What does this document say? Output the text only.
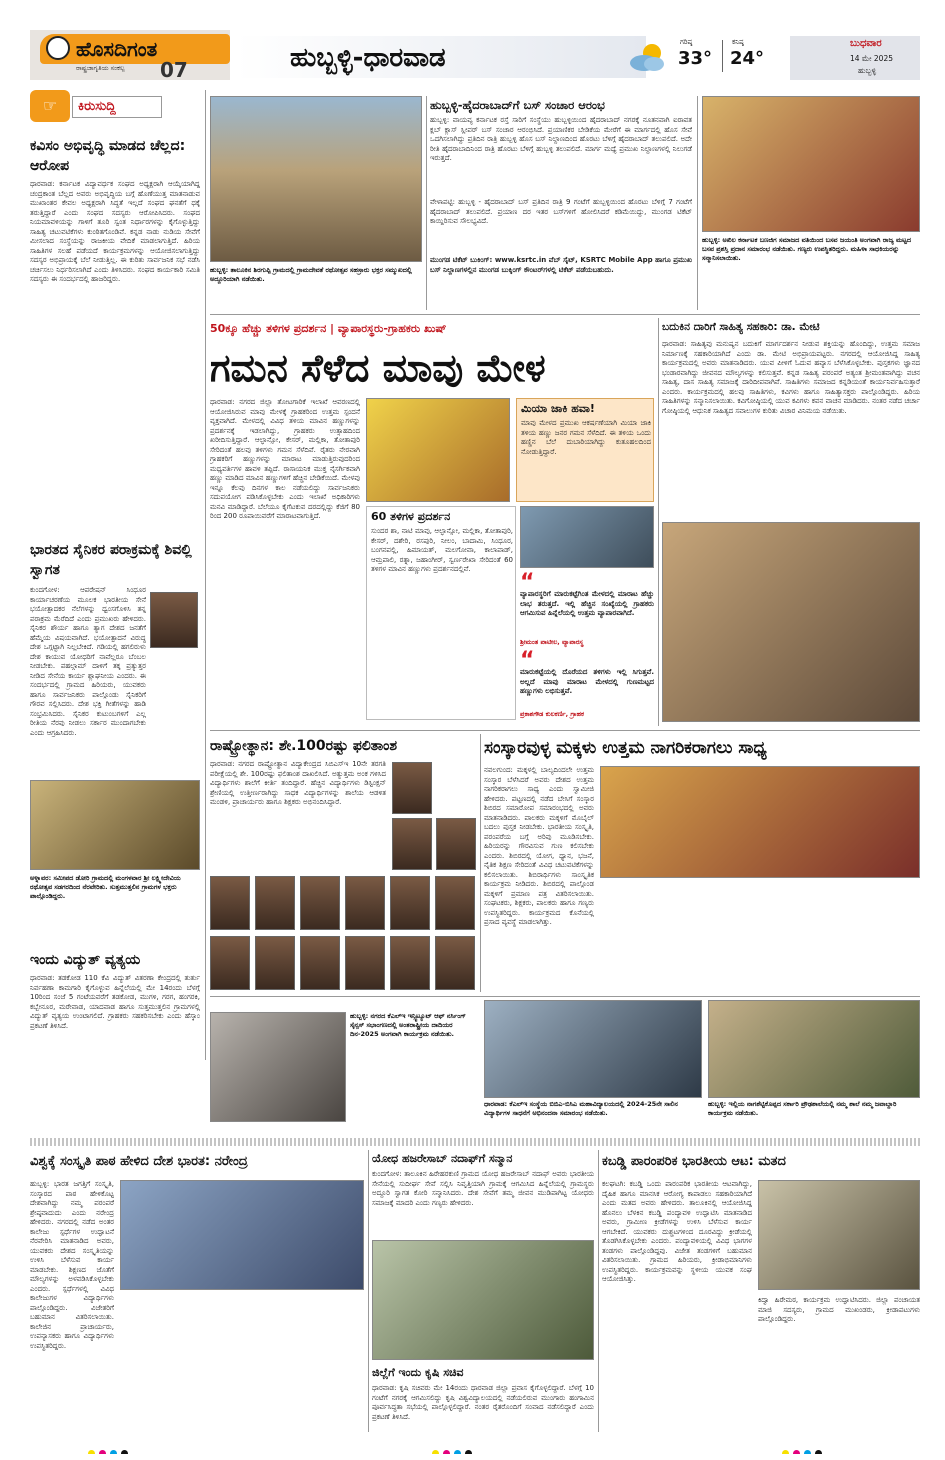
ಹೊಸದಿಗಂತ
ರಾಷ್ಟ್ರಜಾಗೃತಿಯ ಸಂಕಲ್ಪ	07	ಹುಬ್ಬಳ್ಳಿ-ಧಾರವಾಡ
ಗರಿಷ್ಠ
33°
ಕನಿಷ್ಠ
24°
ಬುಧವಾರ
14 ಮೇ 2025
ಹುಬ್ಬಳ್ಳಿ
☞ ಕಿರುಸುದ್ದಿ
ಕವಿಸಂ ಅಭಿವೃದ್ಧಿ ಮಾಡದ ಚೆಲ್ಲದ: ಆರೋಪ
ಧಾರವಾಡ: ಕರ್ನಾಟಕ ವಿದ್ಯಾವರ್ಧಕ ಸಂಘದ ಅಧ್ಯಕ್ಷರಾಗಿ ಆಯ್ಕೆಯಾಗಿದ್ದ ಚಂದ್ರಕಾಂತ ಬೆಲ್ಲದ ಅವರು ಅಭಿವೃದ್ಧಿಯ ಬಗ್ಗೆ ಹೊಣೆಯುತ್ತ ಮಾತನಾಡುವ ಮುಖಾಂತರ ಕೇವಲ ಅಧ್ಯಕ್ಷರಾಗಿ ಸಿದ್ಧತೆ ಇಲ್ಲದೆ ಸಂಘದ ಘನತೆಗೆ ಧಕ್ಕೆ ತರುತ್ತಿದ್ದಾರೆ ಎಂದು ಸಂಘದ ಸದಸ್ಯರು ಆರೋಪಿಸಿದರು. ಸಂಘದ ನಿಯಮಾವಳಿಯನ್ನು ಗಾಳಿಗೆ ತೂರಿ ಸ್ವಂತ ನಿರ್ಧಾರಗಳನ್ನು ಕೈಗೊಳ್ಳುತ್ತಿದ್ದು ಸಾಹಿತ್ಯ ಚಟುವಟಿಕೆಗಳು ಕುಂಠಿತಗೊಂಡಿವೆ. ಕನ್ನಡ ನಾಡು ನುಡಿಯ ಸೇವೆಗೆ ಮೀಸಲಾದ ಸಂಸ್ಥೆಯನ್ನು ರಾಜಕೀಯ ವೇದಿಕೆ ಮಾಡಲಾಗುತ್ತಿದೆ. ಹಿರಿಯ ಸಾಹಿತಿಗಳ ಸಲಹೆ ಪಡೆಯದೆ ಕಾರ್ಯಕ್ರಮಗಳನ್ನು ಆಯೋಜಿಸಲಾಗುತ್ತಿದ್ದು ಸದಸ್ಯರ ಅಭಿಪ್ರಾಯಕ್ಕೆ ಬೆಲೆ ನೀಡುತ್ತಿಲ್ಲ. ಈ ಕುರಿತು ಸಾರ್ವಜನಿಕ ಸಭೆ ನಡೆಸಿ ಚರ್ಚಿಸಲು ನಿರ್ಧರಿಸಲಾಗಿದೆ ಎಂದು ತಿಳಿಸಿದರು. ಸಂಘದ ಕಾರ್ಯಕಾರಿ ಸಮಿತಿ ಸದಸ್ಯರು ಈ ಸಂದರ್ಭದಲ್ಲಿ ಹಾಜರಿದ್ದರು.
ಭಾರತದ ಸೈನಿಕರ ಪರಾಕ್ರಮಕ್ಕೆ ಶಿವಲ್ಲಿ ಸ್ವಾಗತ
ಕುಂದಗೋಳ: ಆಪರೇಷನ್ ಸಿಂಧೂರ ಕಾರ್ಯಾಚರಣೆಯ ಮೂಲಕ ಭಾರತೀಯ ಸೇನೆ ಭಯೋತ್ಪಾದಕರ ನೆಲೆಗಳನ್ನು ಧ್ವಂಸಗೊಳಿಸಿ ತನ್ನ ಪರಾಕ್ರಮ ಮೆರೆದಿದೆ ಎಂದು ಪ್ರಮುಖರು ಹೇಳಿದರು. ಸೈನಿಕರ ಶೌರ್ಯ ಹಾಗೂ ತ್ಯಾಗ ದೇಶದ ಜನತೆಗೆ ಹೆಮ್ಮೆಯ ವಿಷಯವಾಗಿದೆ. ಭಯೋತ್ಪಾದನೆ ವಿರುದ್ಧ ದೇಶ ಒಗ್ಗಟ್ಟಾಗಿ ನಿಲ್ಲಬೇಕಿದೆ. ಗಡಿಯಲ್ಲಿ ಹಗಲಿರುಳು ದೇಶ ಕಾಯುವ ಯೋಧರಿಗೆ ನಾವೆಲ್ಲರೂ ಬೆಂಬಲ ನೀಡಬೇಕು. ಪಹಲ್ಗಾಮ್ ದಾಳಿಗೆ ತಕ್ಕ ಪ್ರತ್ಯುತ್ತರ ನೀಡಿದ ಸೇನೆಯ ಕಾರ್ಯ ಶ್ಲಾಘನೀಯ ಎಂದರು. ಈ ಸಂದರ್ಭದಲ್ಲಿ ಗ್ರಾಮದ ಹಿರಿಯರು, ಯುವಕರು ಹಾಗೂ ಸಾರ್ವಜನಿಕರು ಪಾಲ್ಗೊಂಡು ಸೈನಿಕರಿಗೆ ಗೌರವ ಸಲ್ಲಿಸಿದರು. ದೇಶ ಭಕ್ತಿ ಗೀತೆಗಳನ್ನು ಹಾಡಿ ಸಂಭ್ರಮಿಸಿದರು. ಸೈನಿಕರ ಕುಟುಂಬಗಳಿಗೆ ಎಲ್ಲ ರೀತಿಯ ನೆರವು ನೀಡಲು ಸರ್ಕಾರ ಮುಂದಾಗಬೇಕು ಎಂದು ಆಗ್ರಹಿಸಿದರು.
ಅಳ್ನಾವರ: ಸಮೀಪದ ಡೋರಿ ಗ್ರಾಮದಲ್ಲಿ ಮಂಗಳವಾರ ಶ್ರೀ ಲಕ್ಷ್ಮೀದೇವಿಯ ರಥೋತ್ಸವ ಸಡಗರದಿಂದ ನೆರವೇರಿತು. ಸುತ್ತಮುತ್ತಲಿನ ಗ್ರಾಮಗಳ ಭಕ್ತರು ಪಾಲ್ಗೊಂಡಿದ್ದರು.
ಇಂದು ವಿದ್ಯುತ್ ವ್ಯತ್ಯಯ
ಧಾರವಾಡ: ತಡಕೋಡ 110 ಕೆವಿ ವಿದ್ಯುತ್ ವಿತರಣಾ ಕೇಂದ್ರದಲ್ಲಿ ತುರ್ತು ನಿರ್ವಹಣಾ ಕಾಮಗಾರಿ ಕೈಗೊಳ್ಳುವ ಹಿನ್ನೆಲೆಯಲ್ಲಿ ಮೇ 14ರಂದು ಬೆಳಗ್ಗೆ 10ರಿಂದ ಸಂಜೆ 5 ಗಂಟೆಯವರೆಗೆ ತಡಕೋಡ, ಮುಗಳಿ, ಗರಗ, ಹಂಗರಕಿ, ಕಬ್ಬೇನೂರ, ಮರೇವಾಡ, ಯಾದವಾಡ ಹಾಗೂ ಸುತ್ತಮುತ್ತಲಿನ ಗ್ರಾಮಗಳಲ್ಲಿ ವಿದ್ಯುತ್ ವ್ಯತ್ಯಯ ಉಂಟಾಗಲಿದೆ. ಗ್ರಾಹಕರು ಸಹಕರಿಸಬೇಕು ಎಂದು ಹೆಸ್ಕಾಂ ಪ್ರಕಟಣೆ ತಿಳಿಸಿದೆ.
ಹುಬ್ಬಳ್ಳಿ: ತಾಲೂಕಿನ ಶಿರಗುಪ್ಪಿ ಗ್ರಾಮದಲ್ಲಿ ಗ್ರಾಮದೇವತೆ ರಥೋತ್ಸವ ಸಹಸ್ರಾರು ಭಕ್ತರ ಸಮ್ಮುಖದಲ್ಲಿ ಅದ್ದೂರಿಯಾಗಿ ನಡೆಯಿತು.
ಹುಬ್ಬಳ್ಳಿ-ಹೈದರಾಬಾದ್‌ಗೆ ಬಸ್ ಸಂಚಾರ ಆರಂಭ
ಹುಬ್ಬಳ್ಳಿ: ವಾಯವ್ಯ ಕರ್ನಾಟಕ ರಸ್ತೆ ಸಾರಿಗೆ ಸಂಸ್ಥೆಯು ಹುಬ್ಬಳ್ಳಿಯಿಂದ ಹೈದರಾಬಾದ್ ನಗರಕ್ಕೆ ನೂತನವಾಗಿ ಐರಾವತ ಕ್ಲಬ್ ಕ್ಲಾಸ್ ಸ್ಲೀಪರ್ ಬಸ್ ಸಂಚಾರ ಆರಂಭಿಸಿದೆ. ಪ್ರಯಾಣಿಕರ ಬೇಡಿಕೆಯ ಮೇರೆಗೆ ಈ ಮಾರ್ಗದಲ್ಲಿ ಹೊಸ ಸೇವೆ ಒದಗಿಸಲಾಗಿದ್ದು ಪ್ರತಿದಿನ ರಾತ್ರಿ ಹುಬ್ಬಳ್ಳಿ ಹೊಸ ಬಸ್ ನಿಲ್ದಾಣದಿಂದ ಹೊರಟು ಬೆಳಿಗ್ಗೆ ಹೈದರಾಬಾದ್ ತಲುಪಲಿದೆ. ಅದೇ ರೀತಿ ಹೈದರಾಬಾದಿನಿಂದ ರಾತ್ರಿ ಹೊರಟು ಬೆಳಿಗ್ಗೆ ಹುಬ್ಬಳ್ಳಿ ತಲುಪಲಿದೆ. ಮಾರ್ಗ ಮಧ್ಯೆ ಪ್ರಮುಖ ನಿಲ್ದಾಣಗಳಲ್ಲಿ ನಿಲುಗಡೆ ಇರುತ್ತದೆ.
ವೇಳಾಪಟ್ಟಿ: ಹುಬ್ಬಳ್ಳಿ - ಹೈದರಾಬಾದ್ ಬಸ್ ಪ್ರತಿದಿನ ರಾತ್ರಿ 9 ಗಂಟೆಗೆ ಹುಬ್ಬಳ್ಳಿಯಿಂದ ಹೊರಟು ಬೆಳಿಗ್ಗೆ 7 ಗಂಟೆಗೆ ಹೈದರಾಬಾದ್ ತಲುಪಲಿದೆ. ಪ್ರಯಾಣ ದರ ಇತರ ಬಸ್‌ಗಳಿಗೆ ಹೋಲಿಸಿದರೆ ಕಡಿಮೆಯಿದ್ದು, ಮುಂಗಡ ಟಿಕೆಟ್ ಕಾಯ್ದಿರಿಸುವ ಸೌಲಭ್ಯವಿದೆ.
ಮುಂಗಡ ಟಿಕೆಟ್ ಬುಕಿಂಗ್: www.ksrtc.in ವೆಬ್ ಸೈಟ್, KSRTC Mobile App ಹಾಗೂ ಪ್ರಮುಖ ಬಸ್ ನಿಲ್ದಾಣಗಳಲ್ಲಿನ ಮುಂಗಡ ಬುಕ್ಕಿಂಗ್ ಕೌಂಟರ್‌ಗಳಲ್ಲಿ ಟಿಕೆಟ್ ಪಡೆಯಬಹುದು.
ಹುಬ್ಬಳ್ಳಿ: ಅಖಿಲ ಕರ್ನಾಟಕ ಬಣಜಿಗ ಸಮಾಜದ ವತಿಯಿಂದ ಬಸವ ಜಯಂತಿ ಅಂಗವಾಗಿ ರಾಜ್ಯ ಮಟ್ಟದ ಬಸವ ಪ್ರಶಸ್ತಿ ಪ್ರದಾನ ಸಮಾರಂಭ ನಡೆಯಿತು. ಗಣ್ಯರು ಉಪಸ್ಥಿತರಿದ್ದರು. ಮಹಿಳಾ ಸಾಧಕಿಯರನ್ನು ಸನ್ಮಾನಿಸಲಾಯಿತು.
50ಕ್ಕೂ ಹೆಚ್ಚು ತಳಿಗಳ ಪ್ರದರ್ಶನ | ವ್ಯಾಪಾರಸ್ಥರು-ಗ್ರಾಹಕರು ಖುಷ್
ಗಮನ ಸೆಳೆದ ಮಾವು ಮೇಳ
ಧಾರವಾಡ: ನಗರದ ಜಿಲ್ಲಾ ತೋಟಗಾರಿಕೆ ಇಲಾಖೆ ಆವರಣದಲ್ಲಿ ಆಯೋಜಿಸಿರುವ ಮಾವು ಮೇಳಕ್ಕೆ ಗ್ರಾಹಕರಿಂದ ಉತ್ತಮ ಸ್ಪಂದನೆ ವ್ಯಕ್ತವಾಗಿದೆ. ಮೇಳದಲ್ಲಿ ವಿವಿಧ ತಳಿಯ ಮಾವಿನ ಹಣ್ಣುಗಳನ್ನು ಪ್ರದರ್ಶನಕ್ಕೆ ಇಡಲಾಗಿದ್ದು, ಗ್ರಾಹಕರು ಉತ್ಸಾಹದಿಂದ ಖರೀದಿಸುತ್ತಿದ್ದಾರೆ. ಆಲ್ಫಾನ್ಸೋ, ಕೇಸರ್, ಮಲ್ಲಿಕಾ, ತೋತಾಪುರಿ ಸೇರಿದಂತೆ ಹಲವು ತಳಿಗಳು ಗಮನ ಸೆಳೆದಿವೆ. ರೈತರು ನೇರವಾಗಿ ಗ್ರಾಹಕರಿಗೆ ಹಣ್ಣುಗಳನ್ನು ಮಾರಾಟ ಮಾಡುತ್ತಿರುವುದರಿಂದ ಮಧ್ಯವರ್ತಿಗಳ ಹಾವಳಿ ತಪ್ಪಿದೆ. ರಾಸಾಯನಿಕ ಮುಕ್ತ ನೈಸರ್ಗಿಕವಾಗಿ ಹಣ್ಣು ಮಾಡಿದ ಮಾವಿನ ಹಣ್ಣುಗಳಿಗೆ ಹೆಚ್ಚಿನ ಬೇಡಿಕೆಯಿದೆ. ಮೇಳವು ಇನ್ನೂ ಕೆಲವು ದಿನಗಳ ಕಾಲ ನಡೆಯಲಿದ್ದು ಸಾರ್ವಜನಿಕರು ಸದುಪಯೋಗ ಪಡಿಸಿಕೊಳ್ಳಬೇಕು ಎಂದು ಇಲಾಖೆ ಅಧಿಕಾರಿಗಳು ಮನವಿ ಮಾಡಿದ್ದಾರೆ. ಬೆಲೆಯೂ ಕೈಗೆಟಕುವ ದರದಲ್ಲಿದ್ದು ಕೆಜಿಗೆ 80 ರಿಂದ 200 ರೂಪಾಯಿವರೆಗೆ ಮಾರಾಟವಾಗುತ್ತಿದೆ.
ಮಿಯಾ ಜಾಕಿ ಹವಾ!
ಮಾವು ಮೇಳದ ಪ್ರಮುಖ ಆಕರ್ಷಣೆಯಾಗಿ ಮಿಯಾ ಜಾಕಿ ತಳಿಯ ಹಣ್ಣು ಜನರ ಗಮನ ಸೆಳೆದಿದೆ. ಈ ತಳಿಯ ಒಂದು ಹಣ್ಣಿನ ಬೆಲೆ ದುಬಾರಿಯಾಗಿದ್ದು ಕುತೂಹಲದಿಂದ ನೋಡುತ್ತಿದ್ದಾರೆ.
60 ತಳಿಗಳ ಪ್ರದರ್ಶನ
ಸುಂದರ ಶಾ, ನಾಟಿ ಮಾವು, ಆಲ್ಫಾನ್ಸೋ, ಮಲ್ಲಿಕಾ, ತೋತಾಪುರಿ, ಕೇಸರ್, ದಶೇರಿ, ರಸಪುರಿ, ನೀಲಂ, ಬಾದಾಮಿ, ಸಿಂಧೂರ, ಬಂಗನಪಲ್ಲಿ, ಹಿಮಾಯತ್, ಮಲಗೋವಾ, ಕಾಲಾಪಾಡ್, ಆಮ್ರಪಾಲಿ, ರತ್ನಾ, ಜಹಾಂಗೀರ್, ಸ್ವರ್ಣರೇಖಾ ಸೇರಿದಂತೆ 60 ತಳಿಗಳ ಮಾವಿನ ಹಣ್ಣುಗಳು ಪ್ರದರ್ಶನದಲ್ಲಿವೆ.
“
ವ್ಯಾಪಾರಸ್ಥರಿಗೆ ಮಾರುಕಟ್ಟೆಗಿಂತ ಮೇಳದಲ್ಲಿ ಮಾರಾಟ ಹೆಚ್ಚು ಲಾಭ ತರುತ್ತದೆ. ಇಲ್ಲಿ ಹೆಚ್ಚಿನ ಸಂಖ್ಯೆಯಲ್ಲಿ ಗ್ರಾಹಕರು ಆಗಮಿಸುವ ಹಿನ್ನೆಲೆಯಲ್ಲಿ ಉತ್ತಮ ವ್ಯಾಪಾರವಾಗಿದೆ.
ಶ್ರೀಮಂತ ಪಾಟೀಲ, ವ್ಯಾಪಾರಸ್ಥ
“
ಮಾರುಕಟ್ಟೆಯಲ್ಲಿ ದೊರೆಯದ ತಳಿಗಳು ಇಲ್ಲಿ ಸಿಗುತ್ತವೆ. ಅಲ್ಲದೆ ಮಾವು ಮಾರಾಟ ಮೇಳದಲ್ಲಿ ಗುಣಮಟ್ಟದ ಹಣ್ಣುಗಳು ಲಭಿಸುತ್ತವೆ.
ಪ್ರಕಾಶಗೌಡ ಕುಲಕರ್ಣಿ, ಗ್ರಾಹಕ
ಬದುಕಿನ ದಾರಿಗೆ ಸಾಹಿತ್ಯ ಸಹಕಾರಿ: ಡಾ. ಮೇಟಿ
ಧಾರವಾಡ: ಸಾಹಿತ್ಯವು ಮನುಷ್ಯನ ಬದುಕಿಗೆ ಮಾರ್ಗದರ್ಶನ ನೀಡುವ ಶಕ್ತಿಯನ್ನು ಹೊಂದಿದ್ದು, ಉತ್ತಮ ಸಮಾಜ ನಿರ್ಮಾಣಕ್ಕೆ ಸಹಕಾರಿಯಾಗಿದೆ ಎಂದು ಡಾ. ಮೇಟಿ ಅಭಿಪ್ರಾಯಪಟ್ಟರು. ನಗರದಲ್ಲಿ ಆಯೋಜಿಸಿದ್ದ ಸಾಹಿತ್ಯ ಕಾರ್ಯಕ್ರಮದಲ್ಲಿ ಅವರು ಮಾತನಾಡಿದರು. ಯುವ ಪೀಳಿಗೆ ಓದುವ ಹವ್ಯಾಸ ಬೆಳೆಸಿಕೊಳ್ಳಬೇಕು. ಪುಸ್ತಕಗಳು ಜ್ಞಾನದ ಭಂಡಾರವಾಗಿದ್ದು ಜೀವನದ ಮೌಲ್ಯಗಳನ್ನು ಕಲಿಸುತ್ತವೆ. ಕನ್ನಡ ಸಾಹಿತ್ಯ ಪರಂಪರೆ ಅತ್ಯಂತ ಶ್ರೀಮಂತವಾಗಿದ್ದು ವಚನ ಸಾಹಿತ್ಯ, ದಾಸ ಸಾಹಿತ್ಯ ಸಮಾಜಕ್ಕೆ ದಾರಿದೀಪವಾಗಿವೆ. ಸಾಹಿತಿಗಳು ಸಮಾಜದ ಕನ್ನಡಿಯಂತೆ ಕಾರ್ಯನಿರ್ವಹಿಸುತ್ತಾರೆ ಎಂದರು. ಕಾರ್ಯಕ್ರಮದಲ್ಲಿ ಹಲವು ಸಾಹಿತಿಗಳು, ಕವಿಗಳು ಹಾಗೂ ಸಾಹಿತ್ಯಾಸಕ್ತರು ಪಾಲ್ಗೊಂಡಿದ್ದರು. ಹಿರಿಯ ಸಾಹಿತಿಗಳನ್ನು ಸನ್ಮಾನಿಸಲಾಯಿತು. ಕವಿಗೋಷ್ಠಿಯಲ್ಲಿ ಯುವ ಕವಿಗಳು ಕವನ ವಾಚನ ಮಾಡಿದರು. ನಂತರ ನಡೆದ ಚರ್ಚಾ ಗೋಷ್ಠಿಯಲ್ಲಿ ಆಧುನಿಕ ಸಾಹಿತ್ಯದ ಸವಾಲುಗಳ ಕುರಿತು ವಿಚಾರ ವಿನಿಮಯ ನಡೆಯಿತು.
ರಾಷ್ಟ್ರೋತ್ಥಾನ: ಶೇ.100ರಷ್ಟು ಫಲಿತಾಂಶ
ಧಾರವಾಡ: ನಗರದ ರಾಷ್ಟ್ರೋತ್ಥಾನ ವಿದ್ಯಾಕೇಂದ್ರದ ಸಿಬಿಎಸ್‌ಇ 10ನೇ ತರಗತಿ ಪರೀಕ್ಷೆಯಲ್ಲಿ ಶೇ. 100ರಷ್ಟು ಫಲಿತಾಂಶ ದಾಖಲಿಸಿದೆ. ಅತ್ಯುತ್ತಮ ಅಂಕ ಗಳಿಸಿದ ವಿದ್ಯಾರ್ಥಿಗಳು ಶಾಲೆಗೆ ಕೀರ್ತಿ ತಂದಿದ್ದಾರೆ. ಹೆಚ್ಚಿನ ವಿದ್ಯಾರ್ಥಿಗಳು ಡಿಸ್ಟಿಂಕ್ಷನ್ ಶ್ರೇಣಿಯಲ್ಲಿ ಉತ್ತೀರ್ಣರಾಗಿದ್ದು ಸಾಧಕ ವಿದ್ಯಾರ್ಥಿಗಳನ್ನು ಶಾಲೆಯ ಆಡಳಿತ ಮಂಡಳಿ, ಪ್ರಾಚಾರ್ಯರು ಹಾಗೂ ಶಿಕ್ಷಕರು ಅಭಿನಂದಿಸಿದ್ದಾರೆ.
ಸಂಸ್ಕಾರವುಳ್ಳ ಮಕ್ಕಳು ಉತ್ತಮ ನಾಗರಿಕರಾಗಲು ಸಾಧ್ಯ
ನವಲಗುಂದ: ಮಕ್ಕಳಲ್ಲಿ ಬಾಲ್ಯದಿಂದಲೇ ಉತ್ತಮ ಸಂಸ್ಕಾರ ಬೆಳೆಸಿದರೆ ಅವರು ದೇಶದ ಉತ್ತಮ ನಾಗರಿಕರಾಗಲು ಸಾಧ್ಯ ಎಂದು ಸ್ವಾಮೀಜಿ ಹೇಳಿದರು. ಪಟ್ಟಣದಲ್ಲಿ ನಡೆದ ಬೇಸಿಗೆ ಸಂಸ್ಕಾರ ಶಿಬಿರದ ಸಮಾರೋಪ ಸಮಾರಂಭದಲ್ಲಿ ಅವರು ಮಾತನಾಡಿದರು. ಪಾಲಕರು ಮಕ್ಕಳಿಗೆ ಮೊಬೈಲ್ ಬದಲು ಪುಸ್ತಕ ನೀಡಬೇಕು. ಭಾರತೀಯ ಸಂಸ್ಕೃತಿ, ಪರಂಪರೆಯ ಬಗ್ಗೆ ಅರಿವು ಮೂಡಿಸಬೇಕು. ಹಿರಿಯರನ್ನು ಗೌರವಿಸುವ ಗುಣ ಕಲಿಸಬೇಕು ಎಂದರು. ಶಿಬಿರದಲ್ಲಿ ಯೋಗ, ಧ್ಯಾನ, ಭಜನೆ, ನೈತಿಕ ಶಿಕ್ಷಣ ಸೇರಿದಂತೆ ವಿವಿಧ ಚಟುವಟಿಕೆಗಳನ್ನು ಕಲಿಸಲಾಯಿತು. ಶಿಬಿರಾರ್ಥಿಗಳು ಸಾಂಸ್ಕೃತಿಕ ಕಾರ್ಯಕ್ರಮ ನೀಡಿದರು. ಶಿಬಿರದಲ್ಲಿ ಪಾಲ್ಗೊಂಡ ಮಕ್ಕಳಿಗೆ ಪ್ರಮಾಣ ಪತ್ರ ವಿತರಿಸಲಾಯಿತು. ಸಂಘಟಕರು, ಶಿಕ್ಷಕರು, ಪಾಲಕರು ಹಾಗೂ ಗಣ್ಯರು ಉಪಸ್ಥಿತರಿದ್ದರು. ಕಾರ್ಯಕ್ರಮದ ಕೊನೆಯಲ್ಲಿ ಪ್ರಸಾದ ವ್ಯವಸ್ಥೆ ಮಾಡಲಾಗಿತ್ತು.
ಹುಬ್ಬಳ್ಳಿ: ನಗರದ ಕೆಎಲ್‌ಇ ಇನ್ಸ್ಟಿಟ್ಯೂಟ್ ಆಫ್ ನರ್ಸಿಂಗ್ ಸೈನ್ಸಸ್ ಸಭಾಂಗಣದಲ್ಲಿ ಅಂತರಾಷ್ಟ್ರೀಯ ದಾದಿಯರ ದಿನ-2025 ಅಂಗವಾಗಿ ಕಾರ್ಯಕ್ರಮ ನಡೆಯಿತು.
ಧಾರವಾಡ: ಕೆಎಲ್‌ಇ ಸಂಸ್ಥೆಯ ಬಿಬಿಎ-ಬಿಸಿಎ ಮಹಾವಿದ್ಯಾಲಯದಲ್ಲಿ 2024-25ನೇ ಸಾಲಿನ ವಿದ್ಯಾರ್ಥಿಗಳ ಸಾಧನೆಗೆ ಅಭಿನಂದನಾ ಸಮಾರಂಭ ನಡೆಯಿತು.
ಹುಬ್ಬಳ್ಳಿ: ಇಲ್ಲಿಯ ನಾಗಶೆಟ್ಟಿಕೊಪ್ಪದ ಸರ್ಕಾರಿ ಪ್ರೌಢಶಾಲೆಯಲ್ಲಿ ನಮ್ಮ ಶಾಲೆ ನಮ್ಮ ಜವಾಬ್ದಾರಿ ಕಾರ್ಯಕ್ರಮ ನಡೆಯಿತು.
ವಿಶ್ವಕ್ಕೆ ಸಂಸ್ಕೃತಿ ಪಾಠ ಹೇಳಿದ ದೇಶ ಭಾರತ: ನರೇಂದ್ರ
ಹುಬ್ಬಳ್ಳಿ: ಭಾರತ ಜಗತ್ತಿಗೆ ಸಂಸ್ಕೃತಿ, ಸಂಸ್ಕಾರದ ಪಾಠ ಹೇಳಿಕೊಟ್ಟ ದೇಶವಾಗಿದ್ದು ನಮ್ಮ ಪರಂಪರೆ ಶ್ರೇಷ್ಠವಾದುದು ಎಂದು ನರೇಂದ್ರ ಹೇಳಿದರು. ನಗರದಲ್ಲಿ ನಡೆದ ಅಂತರ ಕಾಲೇಜು ಸ್ಪರ್ಧೆಗಳ ಉದ್ಘಾಟನೆ ನೆರವೇರಿಸಿ ಮಾತನಾಡಿದ ಅವರು, ಯುವಕರು ದೇಶದ ಸಂಸ್ಕೃತಿಯನ್ನು ಉಳಿಸಿ ಬೆಳೆಸುವ ಕಾರ್ಯ ಮಾಡಬೇಕು. ಶಿಕ್ಷಣದ ಜೊತೆಗೆ ಮೌಲ್ಯಗಳನ್ನು ಅಳವಡಿಸಿಕೊಳ್ಳಬೇಕು ಎಂದರು. ಸ್ಪರ್ಧೆಗಳಲ್ಲಿ ವಿವಿಧ ಕಾಲೇಜುಗಳ ವಿದ್ಯಾರ್ಥಿಗಳು ಪಾಲ್ಗೊಂಡಿದ್ದರು. ವಿಜೇತರಿಗೆ ಬಹುಮಾನ ವಿತರಿಸಲಾಯಿತು. ಕಾಲೇಜಿನ ಪ್ರಾಚಾರ್ಯರು, ಉಪನ್ಯಾಸಕರು ಹಾಗೂ ವಿದ್ಯಾರ್ಥಿಗಳು ಉಪಸ್ಥಿತರಿದ್ದರು.
ಯೋಧ ಹಜರೇಸಾಬ್ ನದಾಫ್‌ಗೆ ಸನ್ಮಾನ
ಕುಂದಗೋಳ: ತಾಲೂಕಿನ ಹಿರೇಹರಕುಣಿ ಗ್ರಾಮದ ಯೋಧ ಹಜರೇಸಾಬ್ ನದಾಫ್ ಅವರು ಭಾರತೀಯ ಸೇನೆಯಲ್ಲಿ ಸುದೀರ್ಘ ಸೇವೆ ಸಲ್ಲಿಸಿ ನಿವೃತ್ತಿಯಾಗಿ ಗ್ರಾಮಕ್ಕೆ ಆಗಮಿಸಿದ ಹಿನ್ನೆಲೆಯಲ್ಲಿ ಗ್ರಾಮಸ್ಥರು ಅದ್ದೂರಿ ಸ್ವಾಗತ ಕೋರಿ ಸನ್ಮಾನಿಸಿದರು. ದೇಶ ಸೇವೆಗೆ ತಮ್ಮ ಜೀವನ ಮುಡಿಪಾಗಿಟ್ಟ ಯೋಧರು ಸಮಾಜಕ್ಕೆ ಮಾದರಿ ಎಂದು ಗಣ್ಯರು ಹೇಳಿದರು.
ಜಿಲ್ಲೆಗೆ ಇಂದು ಕೃಷಿ ಸಚಿವ
ಧಾರವಾಡ: ಕೃಷಿ ಸಚಿವರು ಮೇ 14ರಂದು ಧಾರವಾಡ ಜಿಲ್ಲಾ ಪ್ರವಾಸ ಕೈಗೊಳ್ಳಲಿದ್ದಾರೆ. ಬೆಳಗ್ಗೆ 10 ಗಂಟೆಗೆ ನಗರಕ್ಕೆ ಆಗಮಿಸಲಿದ್ದು ಕೃಷಿ ವಿಶ್ವವಿದ್ಯಾಲಯದಲ್ಲಿ ನಡೆಯಲಿರುವ ಮುಂಗಾರು ಹಂಗಾಮಿನ ಪೂರ್ವಸಿದ್ಧತಾ ಸಭೆಯಲ್ಲಿ ಪಾಲ್ಗೊಳ್ಳಲಿದ್ದಾರೆ. ನಂತರ ರೈತರೊಂದಿಗೆ ಸಂವಾದ ನಡೆಸಲಿದ್ದಾರೆ ಎಂದು ಪ್ರಕಟಣೆ ತಿಳಿಸಿದೆ.
ಕಬಡ್ಡಿ ಪಾರಂಪರಿಕ ಭಾರತೀಯ ಆಟ: ಮತದ
ಕಲಘಟಗಿ: ಕಬಡ್ಡಿ ಒಂದು ಪಾರಂಪರಿಕ ಭಾರತೀಯ ಆಟವಾಗಿದ್ದು, ದೈಹಿಕ ಹಾಗೂ ಮಾನಸಿಕ ಆರೋಗ್ಯ ಕಾಪಾಡಲು ಸಹಕಾರಿಯಾಗಿದೆ ಎಂದು ಮತದ ಅವರು ಹೇಳಿದರು. ತಾಲೂಕಿನಲ್ಲಿ ಆಯೋಜಿಸಿದ್ದ ಹೊನಲು ಬೆಳಕಿನ ಕಬಡ್ಡಿ ಪಂದ್ಯಾವಳಿ ಉದ್ಘಾಟಿಸಿ ಮಾತನಾಡಿದ ಅವರು, ಗ್ರಾಮೀಣ ಕ್ರೀಡೆಗಳನ್ನು ಉಳಿಸಿ ಬೆಳೆಸುವ ಕಾರ್ಯ ಆಗಬೇಕಿದೆ. ಯುವಕರು ದುಶ್ಚಟಗಳಿಂದ ದೂರವಿದ್ದು ಕ್ರೀಡೆಯಲ್ಲಿ ತೊಡಗಿಸಿಕೊಳ್ಳಬೇಕು ಎಂದರು. ಪಂದ್ಯಾವಳಿಯಲ್ಲಿ ವಿವಿಧ ಭಾಗಗಳ ತಂಡಗಳು ಪಾಲ್ಗೊಂಡಿದ್ದವು. ವಿಜೇತ ತಂಡಗಳಿಗೆ ಬಹುಮಾನ ವಿತರಿಸಲಾಯಿತು. ಗ್ರಾಮದ ಹಿರಿಯರು, ಕ್ರೀಡಾಭಿಮಾನಿಗಳು ಉಪಸ್ಥಿತರಿದ್ದರು. ಕಾರ್ಯಕ್ರಮವನ್ನು ಸ್ಥಳೀಯ ಯುವಕ ಸಂಘ ಆಯೋಜಿಸಿತ್ತು.
ಕಿದ್ವಾ ಹಿರೇಮಠ, ಕಾರ್ಯಕ್ರಮ ಉದ್ಘಾಟಿಸಿದರು. ಜಿಲ್ಲಾ ಪಂಚಾಯತ ಮಾಜಿ ಸದಸ್ಯರು, ಗ್ರಾಮದ ಮುಖಂಡರು, ಕ್ರೀಡಾಪಟುಗಳು ಪಾಲ್ಗೊಂಡಿದ್ದರು.
